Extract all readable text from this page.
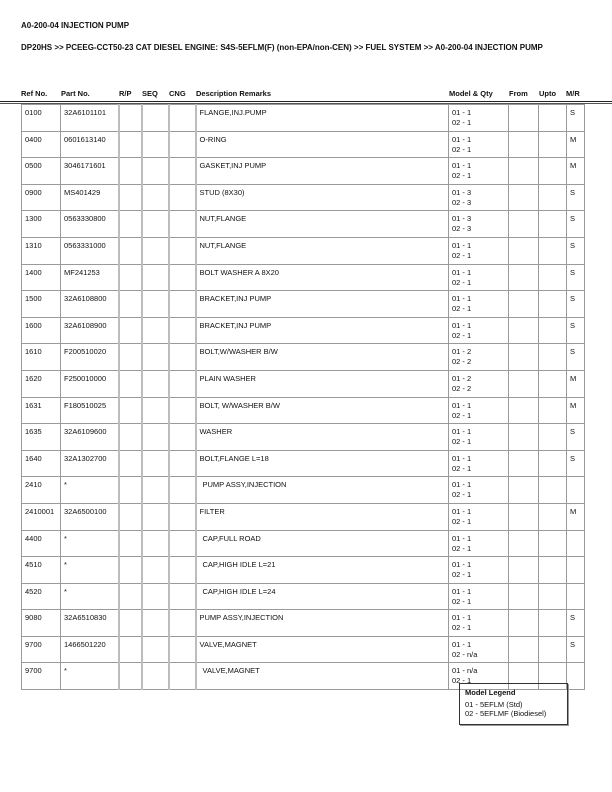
A0-200-04 INJECTION PUMP
DP20HS >> PCEEG-CCT50-23 CAT DIESEL ENGINE: S4S-5EFLM(F) (non-EPA/non-CEN) >> FUEL SYSTEM >> A0-200-04 INJECTION PUMP
Ref No. Part No.	R/P SEQ CNG Description Remarks	Model & Qty From Upto M/R
0100	32A6101101				FLANGE,INJ.PUMP	01 - 1
02 - 1			S
0400	0601613140				O-RING	01 - 1
02 - 1			M
0500	3046171601				GASKET,INJ PUMP	01 - 1
02 - 1			M
0900	MS401429				STUD (8X30)	01 - 3
02 - 3			S
1300	0563330800				NUT,FLANGE	01 - 3
02 - 3			S
1310	0563331000				NUT,FLANGE	01 - 1
02 - 1			S
1400	MF241253				BOLT WASHER A 8X20	01 - 1
02 - 1			S
1500	32A6108800				BRACKET,INJ PUMP	01 - 1
02 - 1			S
1600	32A6108900				BRACKET,INJ PUMP	01 - 1
02 - 1			S
1610	F200510020				BOLT,W/WASHER B/W	01 - 2
02 - 2			S
1620	F250010000				PLAIN WASHER	01 - 2
02 - 2			M
1631	F180510025				BOLT, W/WASHER B/W	01 - 1
02 - 1			M
1635	32A6109600				WASHER	01 - 1
02 - 1			S
1640	32A1302700				BOLT,FLANGE L=18	01 - 1
02 - 1			S
2410	*				PUMP ASSY,INJECTION	01 - 1
02 - 1			

2410001	32A6500100				FILTER	01 - 1
02 - 1			M
4400	*				CAP,FULL ROAD	01 - 1
02 - 1			

4510	*				CAP,HIGH IDLE L=21	01 - 1
02 - 1			

4520	*				CAP,HIGH IDLE L=24	01 - 1
02 - 1			

9080	32A6510830				PUMP ASSY,INJECTION	01 - 1
02 - 1			S
9700	1466501220				VALVE,MAGNET	01 - 1
02 - n/a			S
9700	*				VALVE,MAGNET	01 - n/a
02 - 1			

Model Legend
01 - 5EFLM (Std)
02 - 5EFLMF (Biodiesel)
